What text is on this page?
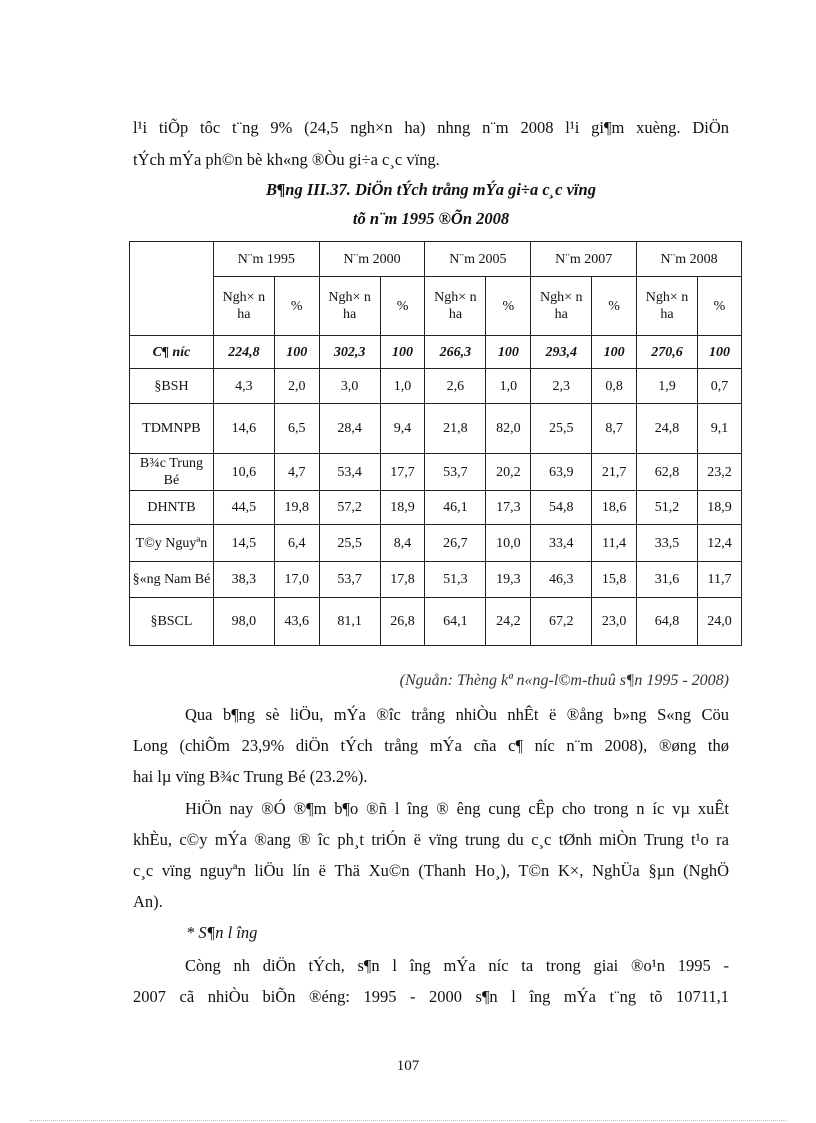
l¹i tiÕp tôc t¨ng 9% (24,5 ngh×n ha) nhng n¨m 2008 l¹i gi¶m xuèng. DiÖn

tÝch mÝa ph©n bè kh«ng ®Òu gi÷a c¸c vïng.

B¶ng III.37. DiÖn tÝch trång mÝa gi÷a c¸c vïng

tõ n¨m 1995 ®Õn 2008

	N¨m 1995		N¨m 2000		N¨m 2005		N¨m 2007		N¨m 2008	
	Ngh× n ha	%	Ngh× n ha	%	Ngh× n ha	%	Ngh× n ha	%	Ngh× n ha	%
C¶ níc	224,8	100	302,3	100	266,3	100	293,4	100	270,6	100
§BSH	4,3	2,0	3,0	1,0	2,6	1,0	2,3	0,8	1,9	0,7
TDMNPB	14,6	6,5	28,4	9,4	21,8	82,0	25,5	8,7	24,8	9,1
B¾c Trung Bé	10,6	4,7	53,4	17,7	53,7	20,2	63,9	21,7	62,8	23,2
DHNTB	44,5	19,8	57,2	18,9	46,1	17,3	54,8	18,6	51,2	18,9
T©y Nguyªn	14,5	6,4	25,5	8,4	26,7	10,0	33,4	11,4	33,5	12,4
§«ng Nam Bé	38,3	17,0	53,7	17,8	51,3	19,3	46,3	15,8	31,6	11,7
§BSCL	98,0	43,6	81,1	26,8	64,1	24,2	67,2	23,0	64,8	24,0
(Nguån: Thèng kª n«ng-l©m-thuû s¶n 1995 - 2008)

Qua b¶ng sè liÖu, mÝa ®îc trång nhiÒu nhÊt ë ®ång b»ng S«ng Cöu

Long (chiÕm 23,9% diÖn tÝch trång mÝa cña c¶ níc n¨m 2008), ®øng thø

hai lµ vïng B¾c Trung Bé (23.2%).

HiÖn nay ®Ó ®¶m b¶o ®ñ l îng ® êng cung cÊp cho trong n íc vµ xuÊt

khÈu, c©y mÝa ®ang ® îc ph¸t triÓn ë vïng trung du c¸c tØnh miÒn Trung t¹o ra

c¸c vïng nguyªn liÖu lín ë Thä Xu©n (Thanh Ho¸), T©n K×, NghÜa §µn (NghÖ

An).

* S¶n l îng

Còng nh diÖn tÝch, s¶n l îng mÝa níc ta trong giai ®o¹n 1995 -

2007 cã nhiÒu biÕn ®éng: 1995 - 2000 s¶n l îng mÝa t¨ng tõ 10711,1

107
